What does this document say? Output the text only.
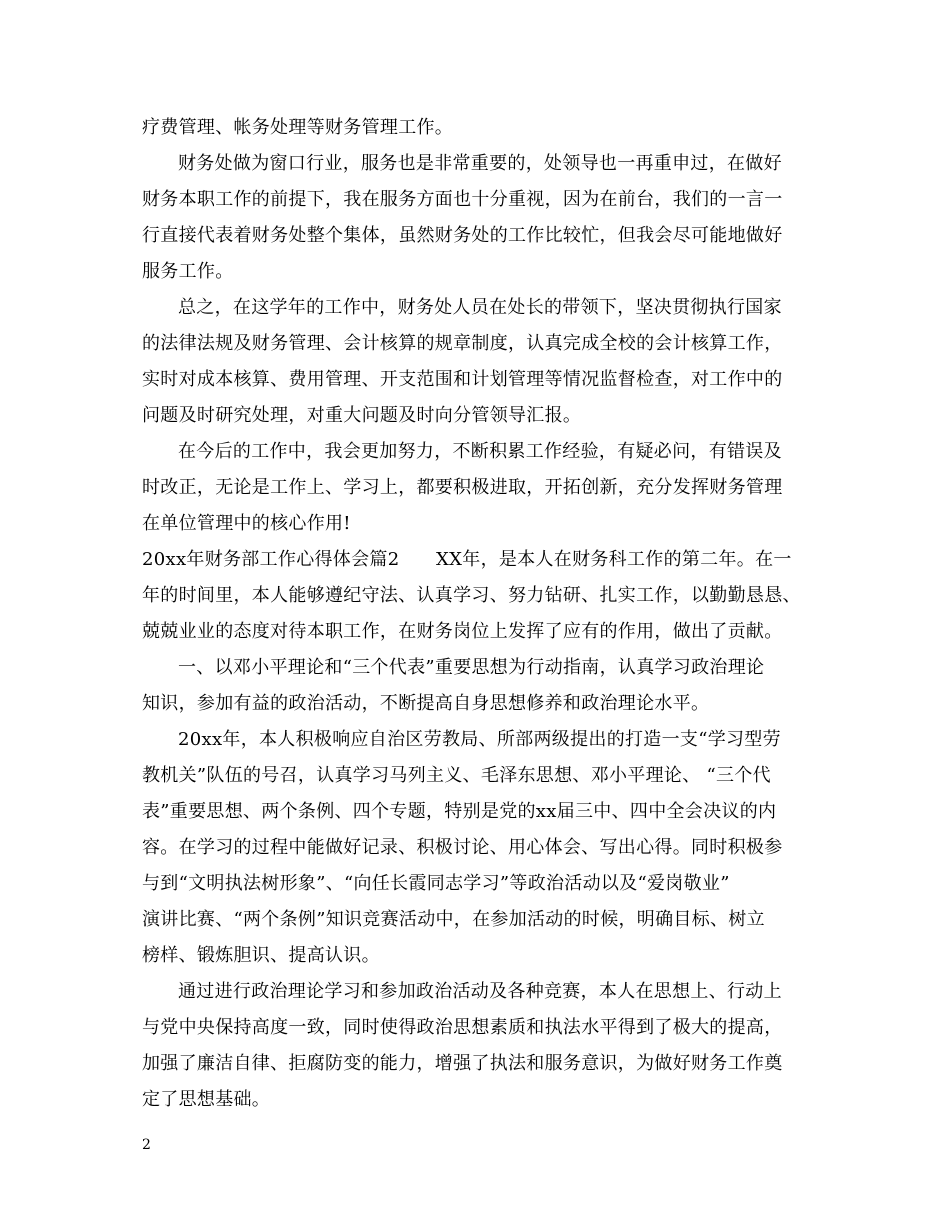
疗费管理、帐务处理等财务管理工作。
财务处做为窗口行业，服务也是非常重要的，处领导也一再重申过，在做好
财务本职工作的前提下，我在服务方面也十分重视，因为在前台，我们的一言一
行直接代表着财务处整个集体，虽然财务处的工作比较忙，但我会尽可能地做好
服务工作。
总之，在这学年的工作中，财务处人员在处长的带领下，坚决贯彻执行国家
的法律法规及财务管理、会计核算的规章制度，认真完成全校的会计核算工作，
实时对成本核算、费用管理、开支范围和计划管理等情况监督检查，对工作中的
问题及时研究处理，对重大问题及时向分管领导汇报。
在今后的工作中，我会更加努力，不断积累工作经验，有疑必问，有错误及
时改正，无论是工作上、学习上，都要积极进取，开拓创新，充分发挥财务管理
在单位管理中的核心作用!
20xx年财务部工作心得体会篇2　　XX年，是本人在财务科工作的第二年。在一
年的时间里，本人能够遵纪守法、认真学习、努力钻研、扎实工作，以勤勤恳恳、
兢兢业业的态度对待本职工作，在财务岗位上发挥了应有的作用，做出了贡献。
一、以邓小平理论和“三个代表”重要思想为行动指南，认真学习政治理论
知识，参加有益的政治活动，不断提高自身思想修养和政治理论水平。
20xx年，本人积极响应自治区劳教局、所部两级提出的打造一支“学习型劳
教机关”队伍的号召，认真学习马列主义、毛泽东思想、邓小平理论、 “三个代
表”重要思想、两个条例、四个专题，特别是党的xx届三中、四中全会决议的内
容。在学习的过程中能做好记录、积极讨论、用心体会、写出心得。同时积极参
与到“文明执法树形象”、“向任长霞同志学习”等政治活动以及“爱岗敬业”
演讲比赛、“两个条例”知识竞赛活动中，在参加活动的时候，明确目标、树立
榜样、锻炼胆识、提高认识。
通过进行政治理论学习和参加政治活动及各种竞赛，本人在思想上、行动上
与党中央保持高度一致，同时使得政治思想素质和执法水平得到了极大的提高，
加强了廉洁自律、拒腐防变的能力，增强了执法和服务意识，为做好财务工作奠
定了思想基础。
2
